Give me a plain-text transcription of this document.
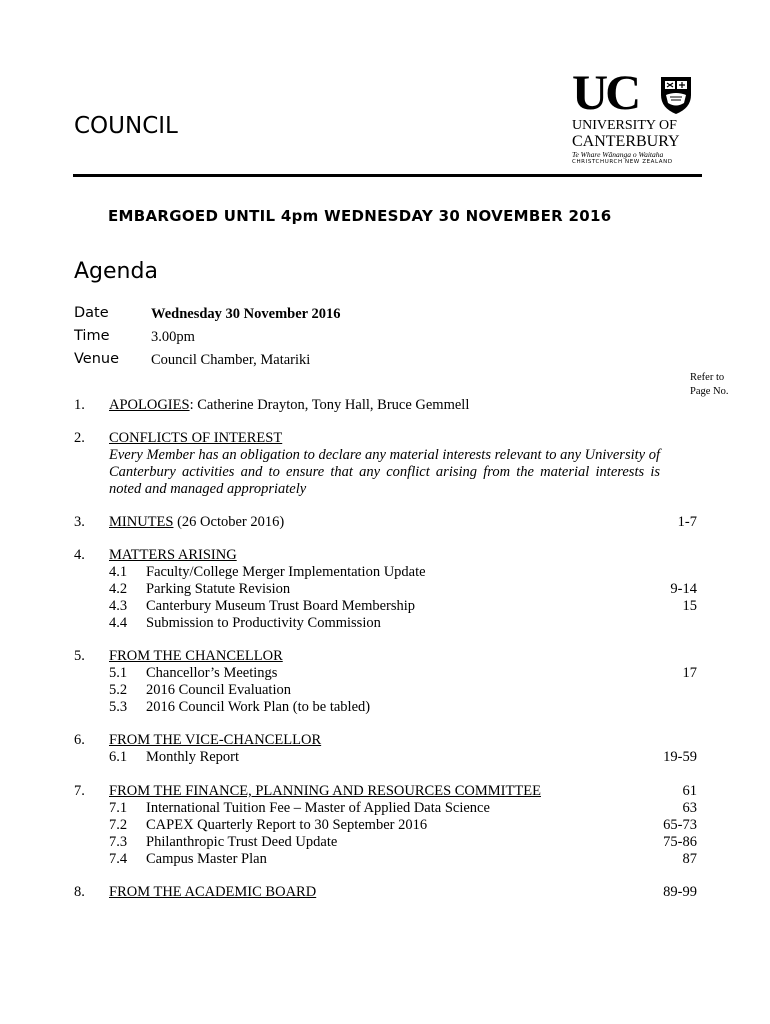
COUNCIL
UC
UNIVERSITY OF
CANTERBURY
Te Whare Wānanga o Waitaha
CHRISTCHURCH NEW ZEALAND
EMBARGOED UNTIL 4pm WEDNESDAY 30 NOVEMBER 2016
Agenda
Date	Wednesday 30 November 2016
Time	3.00pm
Venue Council Chamber, Matariki
Refer to
Page No.
1. APOLOGIES: Catherine Drayton, Tony Hall, Bruce Gemmell
2. CONFLICTS OF INTEREST
Every Member has an obligation to declare any material interests relevant to any University of Canterbury activities and to ensure that any conflict arising from the material interests is noted and managed appropriately
3. MINUTES (26 October 2016)	1-7
4. MATTERS ARISING
4.1 Faculty/College Merger Implementation Update
4.2 Parking Statute Revision	9-14
4.3 Canterbury Museum Trust Board Membership	15
4.4 Submission to Productivity Commission
5. FROM THE CHANCELLOR
5.1 Chancellor’s Meetings	17
5.2 2016 Council Evaluation
5.3 2016 Council Work Plan (to be tabled)
6. FROM THE VICE-CHANCELLOR
6.1 Monthly Report	19-59
7. FROM THE FINANCE, PLANNING AND RESOURCES COMMITTEE	61
7.1 International Tuition Fee – Master of Applied Data Science	63
7.2 CAPEX Quarterly Report to 30 September 2016	65-73
7.3 Philanthropic Trust Deed Update	75-86
7.4 Campus Master Plan	87
8. FROM THE ACADEMIC BOARD	89-99
